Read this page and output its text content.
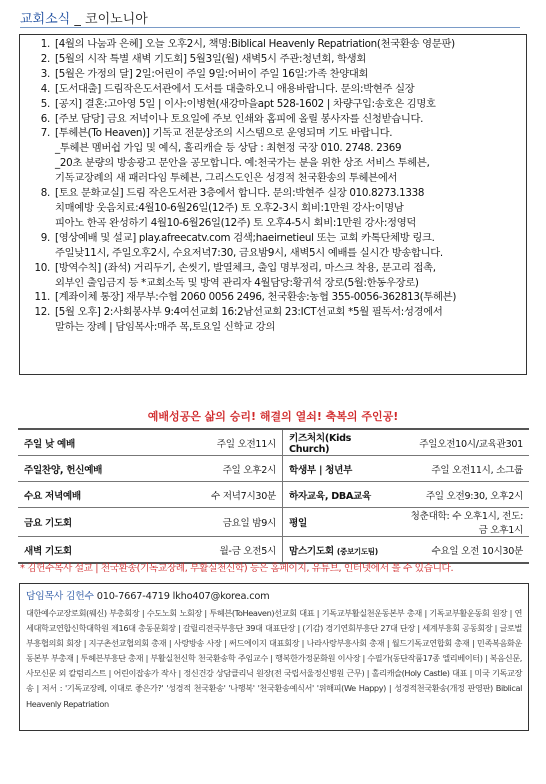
교회소식 _ 코이노니아
1. [4월의 나눔과 은혜] 오늘 오후2시, 책명:Biblical Heavenly Repatriation(천국환송 영문판)
2. [5월의 시작 특별 새벽 기도회] 5월3일(월) 새벽5시 주관:청년회, 학생회
3. [5월은 가정의 달] 2일:어린이 주일 9일:어버이 주일 16일:가족 찬양대회
4. [도서대출] 드림작은도서관에서 도서를 대출하오니 애용바랍니다. 문의:박현주 실장
5. [공지] 결혼:고아영 5일 | 이사:이병현(새강마을apt 528-1602 | 차량구입:송호은 김명호
6. [주보 담당] 금요 저녁이나 토요일에 주보 인쇄와 홈피에 올릴 봉사자를 신청받습니다.
7. [투헤븐(To Heaven)] 기독교 전문상조의 시스템으로 운영되며 기도 바랍니다.
_투헤븐 멤버쉽 가입 및 예식, 홀리캐슬 등 상담 : 최현정 국장 010. 2748. 2369
_20초 분량의 방송광고 문안을 공모합니다. 예:천국가는 분을 위한 상조 서비스 투헤븐,
기독교장례의 새 패러다임 투헤븐, 그리스도인은 성경적 천국환송의 투헤븐에서
8. [토요 문화교실] 드림 작은도서관 3층에서 합니다. 문의:박현주 실장 010.8273.1338
치매예방 웃음치료:4월10-6월26일(12주) 토 오후2-3시 회비:1만원 강사:이명남
피아노 한곡 완성하기 4월10-6월26일(12주) 토 오후4-5시 회비:1만원 강사:정영덕
9. [영상예배 및 설교] play.afreecatv.com 검색;haeirnetieul 또는 교회 카톡단체방 링크.
주일낮11시, 주일오후2시, 수요저녁7:30, 금요밤9시, 새벽5시 예배를 실시간 방송합니다.
10. [방역수칙] (좌석) 거리두기, 손씻기, 발열체크, 출입 명부정리, 마스크 착용, 문고리 접촉,
외부인 출입금지 등 *교회소독 및 방역 관리자 4월담당:황귀석 장로(5월:한동우장로)
11. [계좌이체 통장] 재무부:수협 2060 0056 2496, 천국환송:농협 355-0056-362813(투헤븐)
12. [5월 오후] 2:사회봉사부 9:4여선교회 16:2남선교회 23:ICT선교회 *5월 필독서:성경에서
말하는 장례 | 담임목사:매주 목,토요일 신학교 강의
예배성공은 삶의 승리! 해결의 열쇠! 축복의 주인공!
주일 낮 예배	주일 오전11시	키즈처치(Kids Church)	주일오전10시/교육관301
주일찬양, 헌신예배	주일 오후2시	학생부 | 청년부	주일 오전11시, 소그룹
수요 저녁예배	수 저녁7시30분	하자교육, DBA교육	주일 오전9:30, 오후2시
금요 기도회	금요일 밤9시	평일	청춘대학: 수 오후1시, 전도: 금 오후1시
새벽 기도회	월-금 오전5시	맘스기도회 (중보기도팀)	수요일 오전 10시30분
* 김헌수목사 설교 | 천국환송(기독교장례, 부활실천신학) 등은 홈페이지, 유튜브, 인터넷에서 볼 수 있습니다.
담임목사 김헌수 010-7667-4719 lkho407@korea.com
대한예수교장로회(웨신) 부총회장 | 수도노회 노회장 | 투헤븐(ToHeaven)선교회 대표 | 기독교부활실천운동본부 총재 | 기독교부활운동회 원장 | 연세대학교연합신학대학원 제16대 총동문회장 | 갈릴리전국부흥단 39대 대표단장 | (기감) 경기연회부흥단 27대 단장 | 세계부흥회 공동회장 | 글로벌부흥협의회 회장 | 지구촌선교협의회 총재 | 사랑방송 사장 | 써드에이지 대표회장 | 나라사랑부흥사회 총재 | 월드기독교연합회 총재 | 민족복음화운동본부 부총재 | 투헤븐부흥단 총재 | 부활실천신학 천국환송학 주임교수 | 행복한가정문화원 이사장 | 수필가(동단작품17종 엘리베이터) | 복음신문, 사모신문 외 칼럼리스트 | 어린이잡송가 작사 | 정신건강 상담클리닉 원장(전 국립서울정신병원 근무) | 홀리캐슬(Holy Castle) 대표 | 미국 기독교장송 | 저서 : '기독교장례, 이대로 좋은가?' '성경적 천국환송' '나행복' '천국환송예식서' '위해피(We Happy) | 성경적천국환송(개정 판영판) Biblical Heavenly Repatriation
